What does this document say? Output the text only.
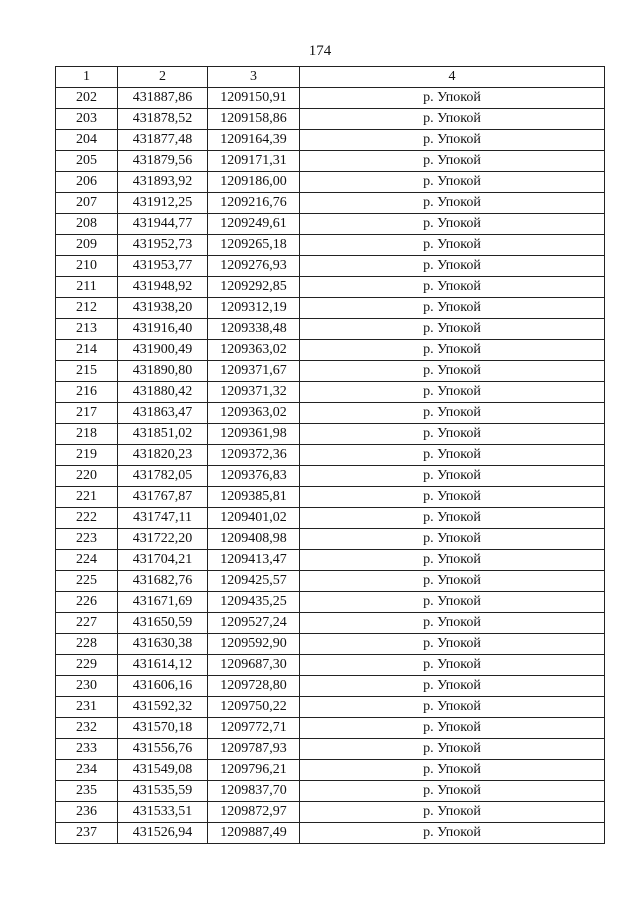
174
1	2	3	4
202	431887,86	1209150,91	р. Упокой
203	431878,52	1209158,86	р. Упокой
204	431877,48	1209164,39	р. Упокой
205	431879,56	1209171,31	р. Упокой
206	431893,92	1209186,00	р. Упокой
207	431912,25	1209216,76	р. Упокой
208	431944,77	1209249,61	р. Упокой
209	431952,73	1209265,18	р. Упокой
210	431953,77	1209276,93	р. Упокой
211	431948,92	1209292,85	р. Упокой
212	431938,20	1209312,19	р. Упокой
213	431916,40	1209338,48	р. Упокой
214	431900,49	1209363,02	р. Упокой
215	431890,80	1209371,67	р. Упокой
216	431880,42	1209371,32	р. Упокой
217	431863,47	1209363,02	р. Упокой
218	431851,02	1209361,98	р. Упокой
219	431820,23	1209372,36	р. Упокой
220	431782,05	1209376,83	р. Упокой
221	431767,87	1209385,81	р. Упокой
222	431747,11	1209401,02	р. Упокой
223	431722,20	1209408,98	р. Упокой
224	431704,21	1209413,47	р. Упокой
225	431682,76	1209425,57	р. Упокой
226	431671,69	1209435,25	р. Упокой
227	431650,59	1209527,24	р. Упокой
228	431630,38	1209592,90	р. Упокой
229	431614,12	1209687,30	р. Упокой
230	431606,16	1209728,80	р. Упокой
231	431592,32	1209750,22	р. Упокой
232	431570,18	1209772,71	р. Упокой
233	431556,76	1209787,93	р. Упокой
234	431549,08	1209796,21	р. Упокой
235	431535,59	1209837,70	р. Упокой
236	431533,51	1209872,97	р. Упокой
237	431526,94	1209887,49	р. Упокой
